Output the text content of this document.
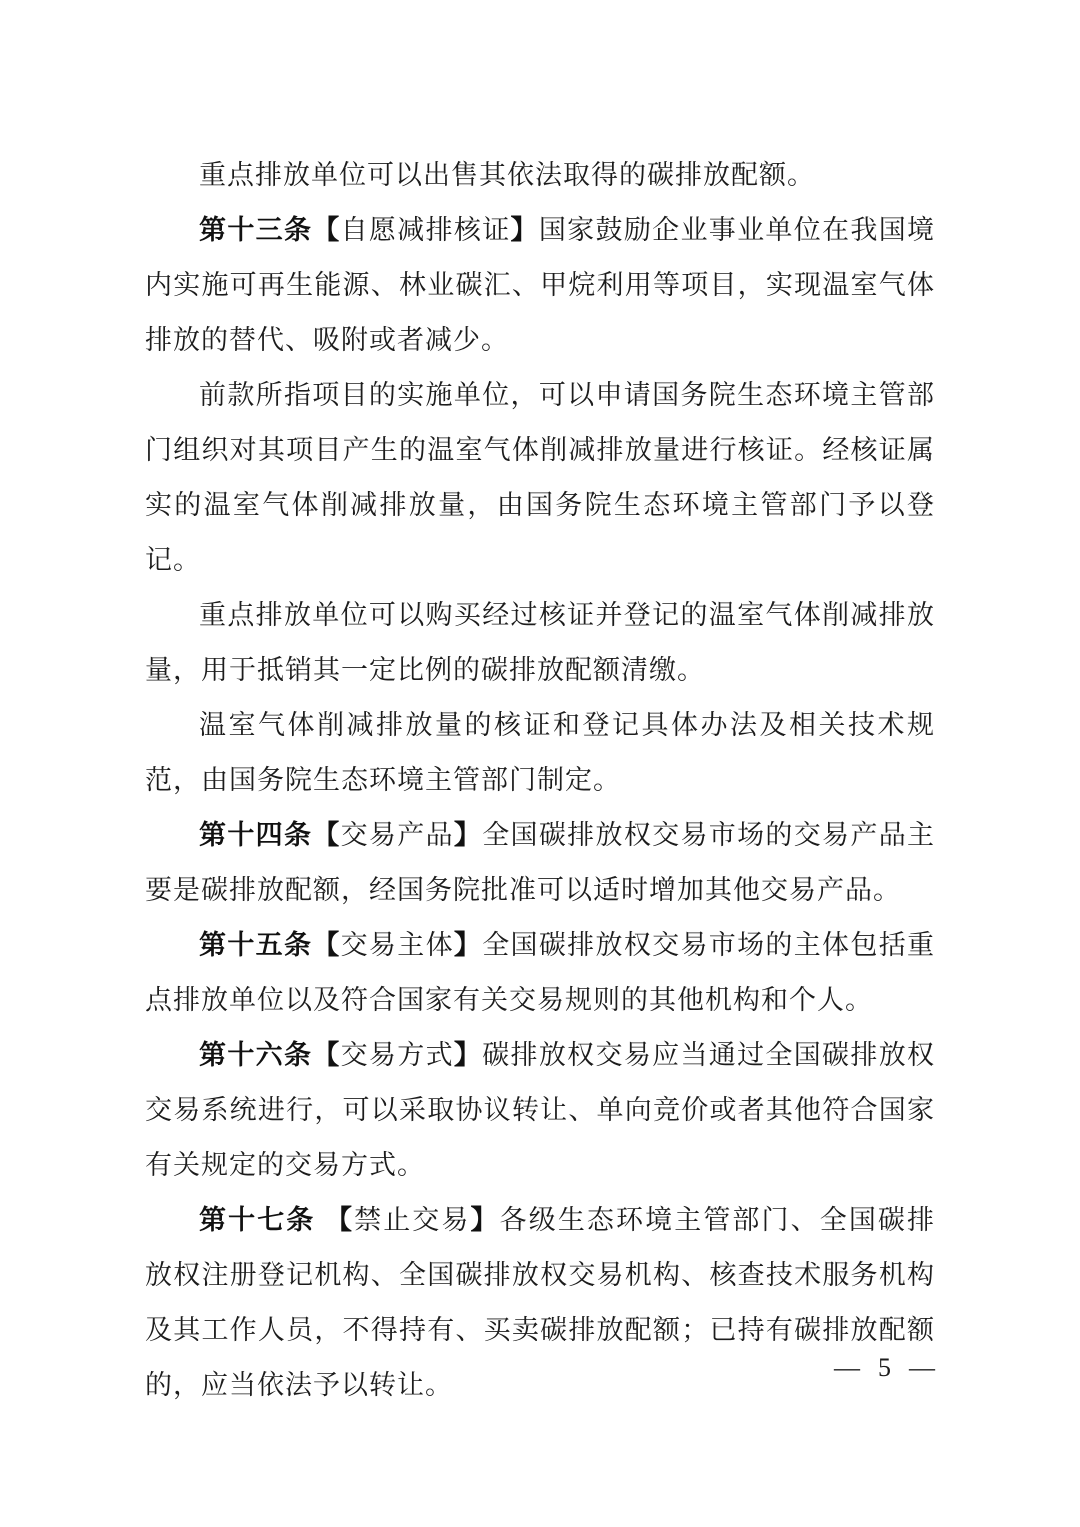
重点排放单位可以出售其依法取得的碳排放配额。

第十三条【自愿减排核证】国家鼓励企业事业单位在我国境内实施可再生能源、林业碳汇、甲烷利用等项目，实现温室气体排放的替代、吸附或者减少。

前款所指项目的实施单位，可以申请国务院生态环境主管部门组织对其项目产生的温室气体削减排放量进行核证。经核证属实的温室气体削减排放量，由国务院生态环境主管部门予以登记。

重点排放单位可以购买经过核证并登记的温室气体削减排放量，用于抵销其一定比例的碳排放配额清缴。

温室气体削减排放量的核证和登记具体办法及相关技术规范，由国务院生态环境主管部门制定。

第十四条【交易产品】全国碳排放权交易市场的交易产品主要是碳排放配额，经国务院批准可以适时增加其他交易产品。

第十五条【交易主体】全国碳排放权交易市场的主体包括重点排放单位以及符合国家有关交易规则的其他机构和个人。

第十六条【交易方式】碳排放权交易应当通过全国碳排放权交易系统进行，可以采取协议转让、单向竞价或者其他符合国家有关规定的交易方式。

第十七条 【禁止交易】各级生态环境主管部门、全国碳排放权注册登记机构、全国碳排放权交易机构、核查技术服务机构及其工作人员，不得持有、买卖碳排放配额；已持有碳排放配额的，应当依法予以转让。

— 5 —
